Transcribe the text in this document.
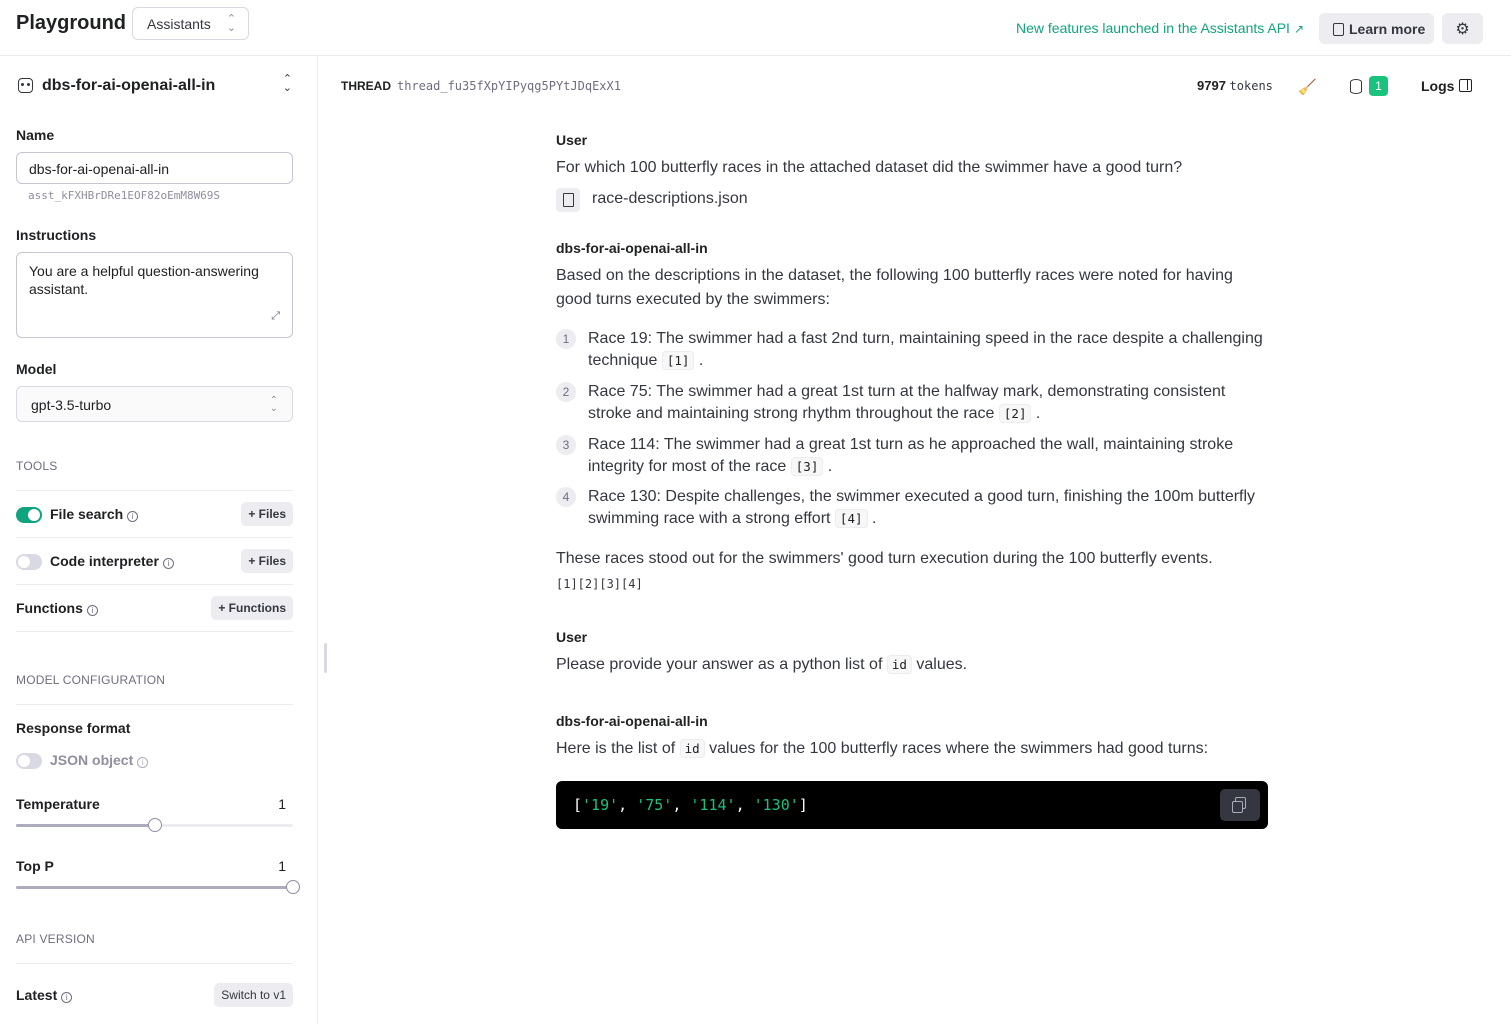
Playground	Assistants ⌃
⌄	New features launched in the Assistants API ↗	Learn more	⚙
dbs-for-ai-openai-all-in	⌃
⌄
Name
dbs-for-ai-openai-all-in
asst_kFXHBrDRe1EOF82oEmM8W69S
Instructions
You are a helpful question-answering assistant.
⤢
Model
gpt-3.5-turbo	⌃
⌄
TOOLS
File search i	+ Files
Code interpreter i	+ Files
Functions i	+ Functions
MODEL CONFIGURATION
Response format
JSON object i
Temperature	1
Top P	1
API VERSION
Latest i	Switch to v1
THREAD thread_fu35fXpYIPyqg5PYtJDqExX1	9797 tokens 🧹	1	Logs
User
For which 100 butterfly races in the attached dataset did the swimmer have a good turn?
race-descriptions.json
dbs-for-ai-openai-all-in
Based on the descriptions in the dataset, the following 100 butterfly races were noted for having good turns executed by the swimmers:
1	Race 19: The swimmer had a fast 2nd turn, maintaining speed in the race despite a challenging technique [1] .
2	Race 75: The swimmer had a great 1st turn at the halfway mark, demonstrating consistent stroke and maintaining strong rhythm throughout the race [2] .
3	Race 114: The swimmer had a great 1st turn as he approached the wall, maintaining stroke integrity for most of the race [3] .
4	Race 130: Despite challenges, the swimmer executed a good turn, finishing the 100m butterfly swimming race with a strong effort [4] .
These races stood out for the swimmers' good turn execution during the 100 butterfly events.
[1][2][3][4]
User
Please provide your answer as a python list of id values.
dbs-for-ai-openai-all-in
Here is the list of id values for the 100 butterfly races where the swimmers had good turns:
['19', '75', '114', '130']
